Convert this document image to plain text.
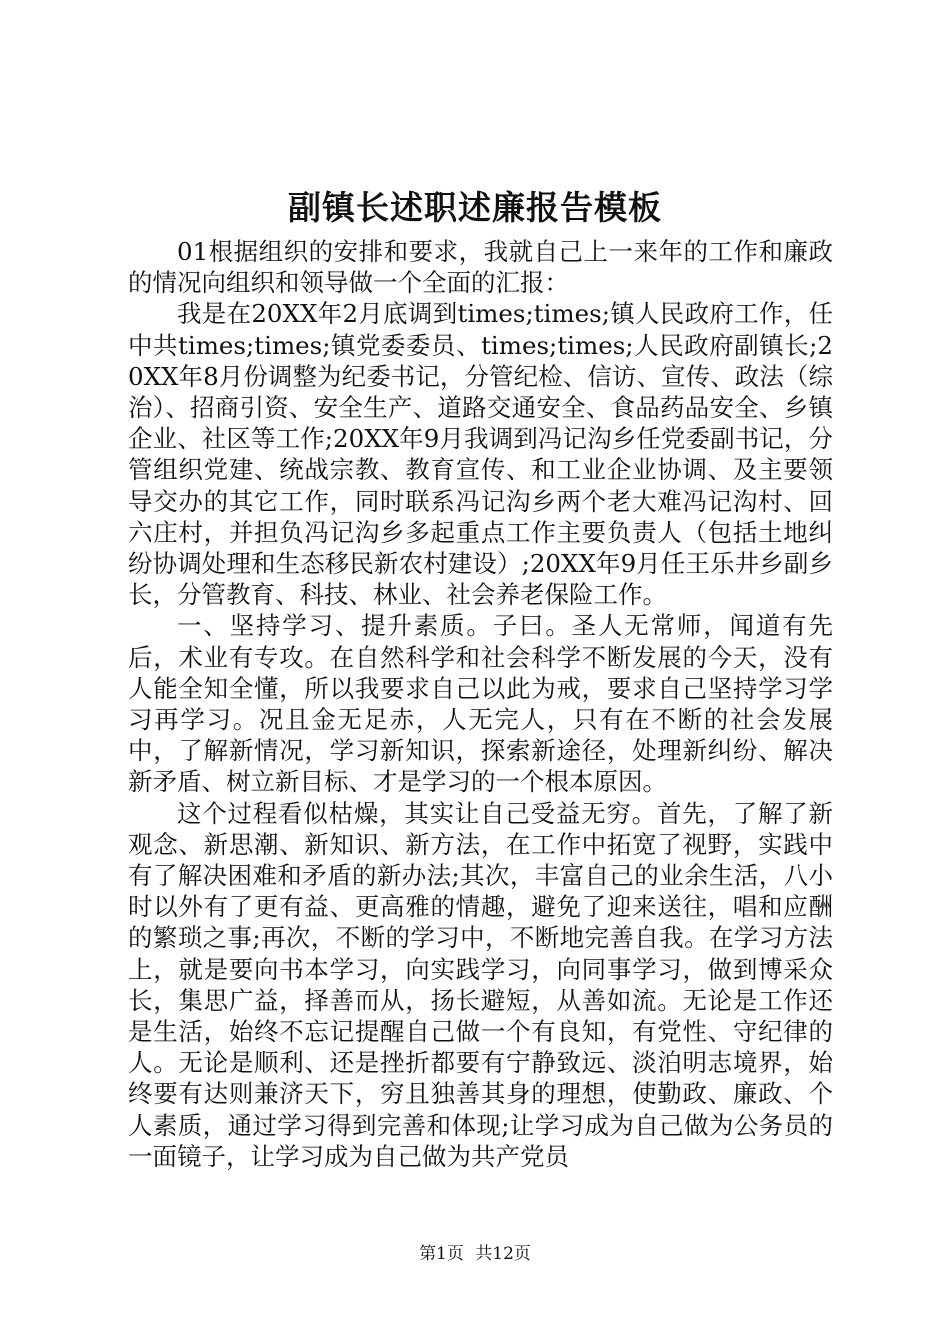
副镇长述职述廉报告模板

01根据组织的安排和要求，我就自己上一来年的工作和廉政的情况向组织和领导做一个全面的汇报：

我是在20XX年2月底调到times;times;镇人民政府工作，任中共times;times;镇党委委员、times;times;人民政府副镇长;20XX年8月份调整为纪委书记，分管纪检、信访、宣传、政法（综治）、招商引资、安全生产、道路交通安全、食品药品安全、乡镇企业、社区等工作;20XX年9月我调到冯记沟乡任党委副书记，分管组织党建、统战宗教、教育宣传、和工业企业协调、及主要领导交办的其它工作，同时联系冯记沟乡两个老大难冯记沟村、回六庄村，并担负冯记沟乡多起重点工作主要负责人（包括土地纠纷协调处理和生态移民新农村建设）;20XX年9月任王乐井乡副乡长，分管教育、科技、林业、社会养老保险工作。

一、坚持学习、提升素质。子曰。圣人无常师，闻道有先后，术业有专攻。在自然科学和社会科学不断发展的今天，没有人能全知全懂，所以我要求自己以此为戒，要求自己坚持学习学习再学习。况且金无足赤，人无完人，只有在不断的社会发展中，了解新情况，学习新知识，探索新途径，处理新纠纷、解决新矛盾、树立新目标、才是学习的一个根本原因。

这个过程看似枯燥，其实让自己受益无穷。首先，了解了新观念、新思潮、新知识、新方法，在工作中拓宽了视野，实践中有了解决困难和矛盾的新办法;其次，丰富自己的业余生活，八小时以外有了更有益、更高雅的情趣，避免了迎来送往，唱和应酬的繁琐之事;再次，不断的学习中，不断地完善自我。在学习方法上，就是要向书本学习，向实践学习，向同事学习，做到博采众长，集思广益，择善而从，扬长避短，从善如流。无论是工作还是生活，始终不忘记提醒自己做一个有良知，有党性、守纪律的人。无论是顺利、还是挫折都要有宁静致远、淡泊明志境界，始终要有达则兼济天下，穷且独善其身的理想，使勤政、廉政、个人素质，通过学习得到完善和体现;让学习成为自己做为公务员的一面镜子，让学习成为自己做为共产党员

第1页 共12页
